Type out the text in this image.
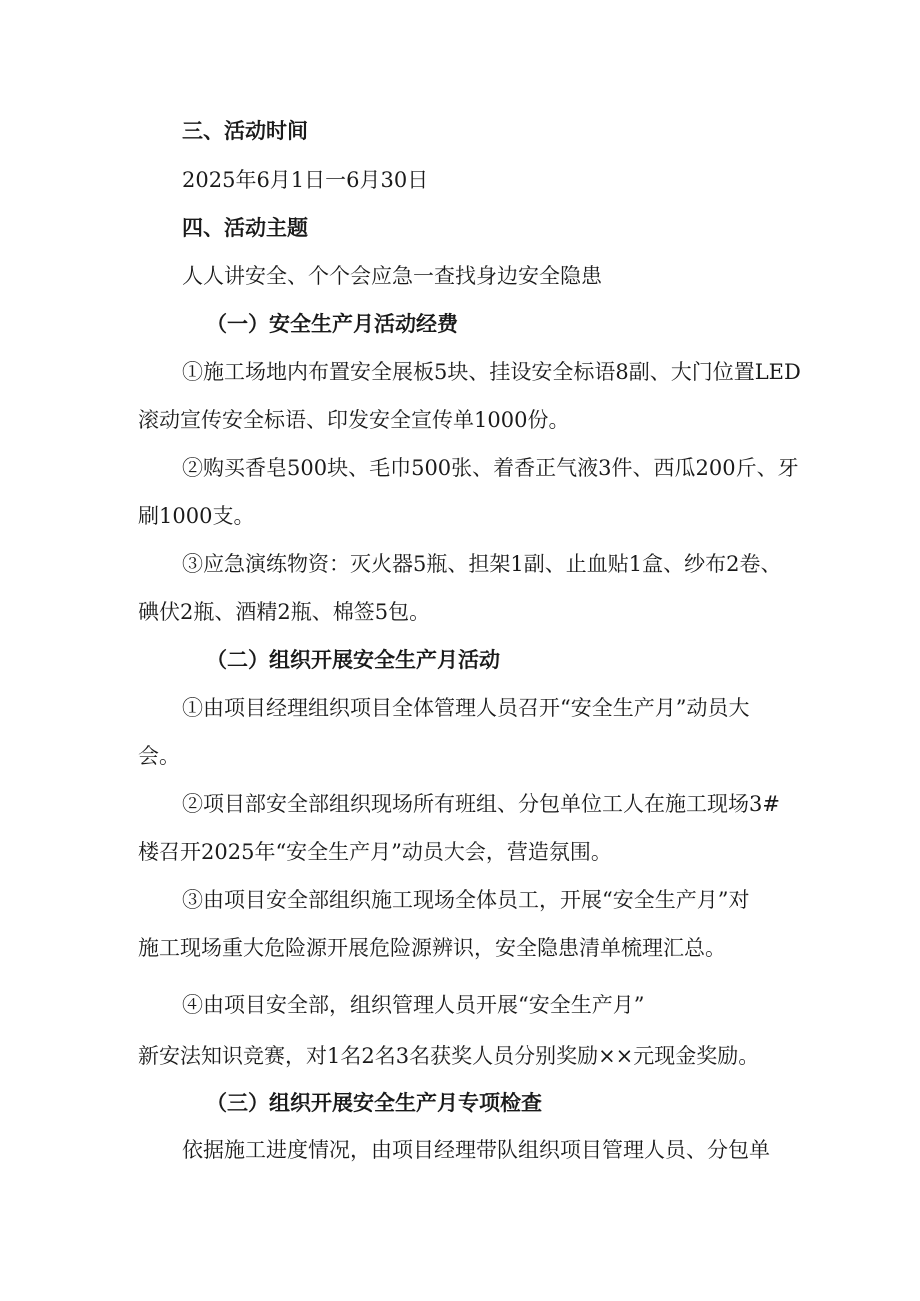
三、活动时间
2025年6月1日一6月30日
四、活动主题
人人讲安全、个个会应急一查找身边安全隐患
（一）安全生产月活动经费
①施工场地内布置安全展板5块、挂设安全标语8副、大门位置LED
滚动宣传安全标语、印发安全宣传单1000份。
②购买香皂500块、毛巾500张、着香正气液3件、西瓜200斤、牙
刷1000支。
③应急演练物资：灭火器5瓶、担架1副、止血贴1盒、纱布2卷、
碘伏2瓶、酒精2瓶、棉签5包。
（二）组织开展安全生产月活动
①由项目经理组织项目全体管理人员召开“安全生产月”动员大
会。
②项目部安全部组织现场所有班组、分包单位工人在施工现场3#
楼召开2025年“安全生产月”动员大会，营造氛围。
③由项目安全部组织施工现场全体员工，开展“安全生产月”对
施工现场重大危险源开展危险源辨识，安全隐患清单梳理汇总。
④由项目安全部，组织管理人员开展“安全生产月”
新安法知识竞赛，对1名2名3名获奖人员分别奖励××元现金奖励。
（三）组织开展安全生产月专项检查
依据施工进度情况，由项目经理带队组织项目管理人员、分包单
